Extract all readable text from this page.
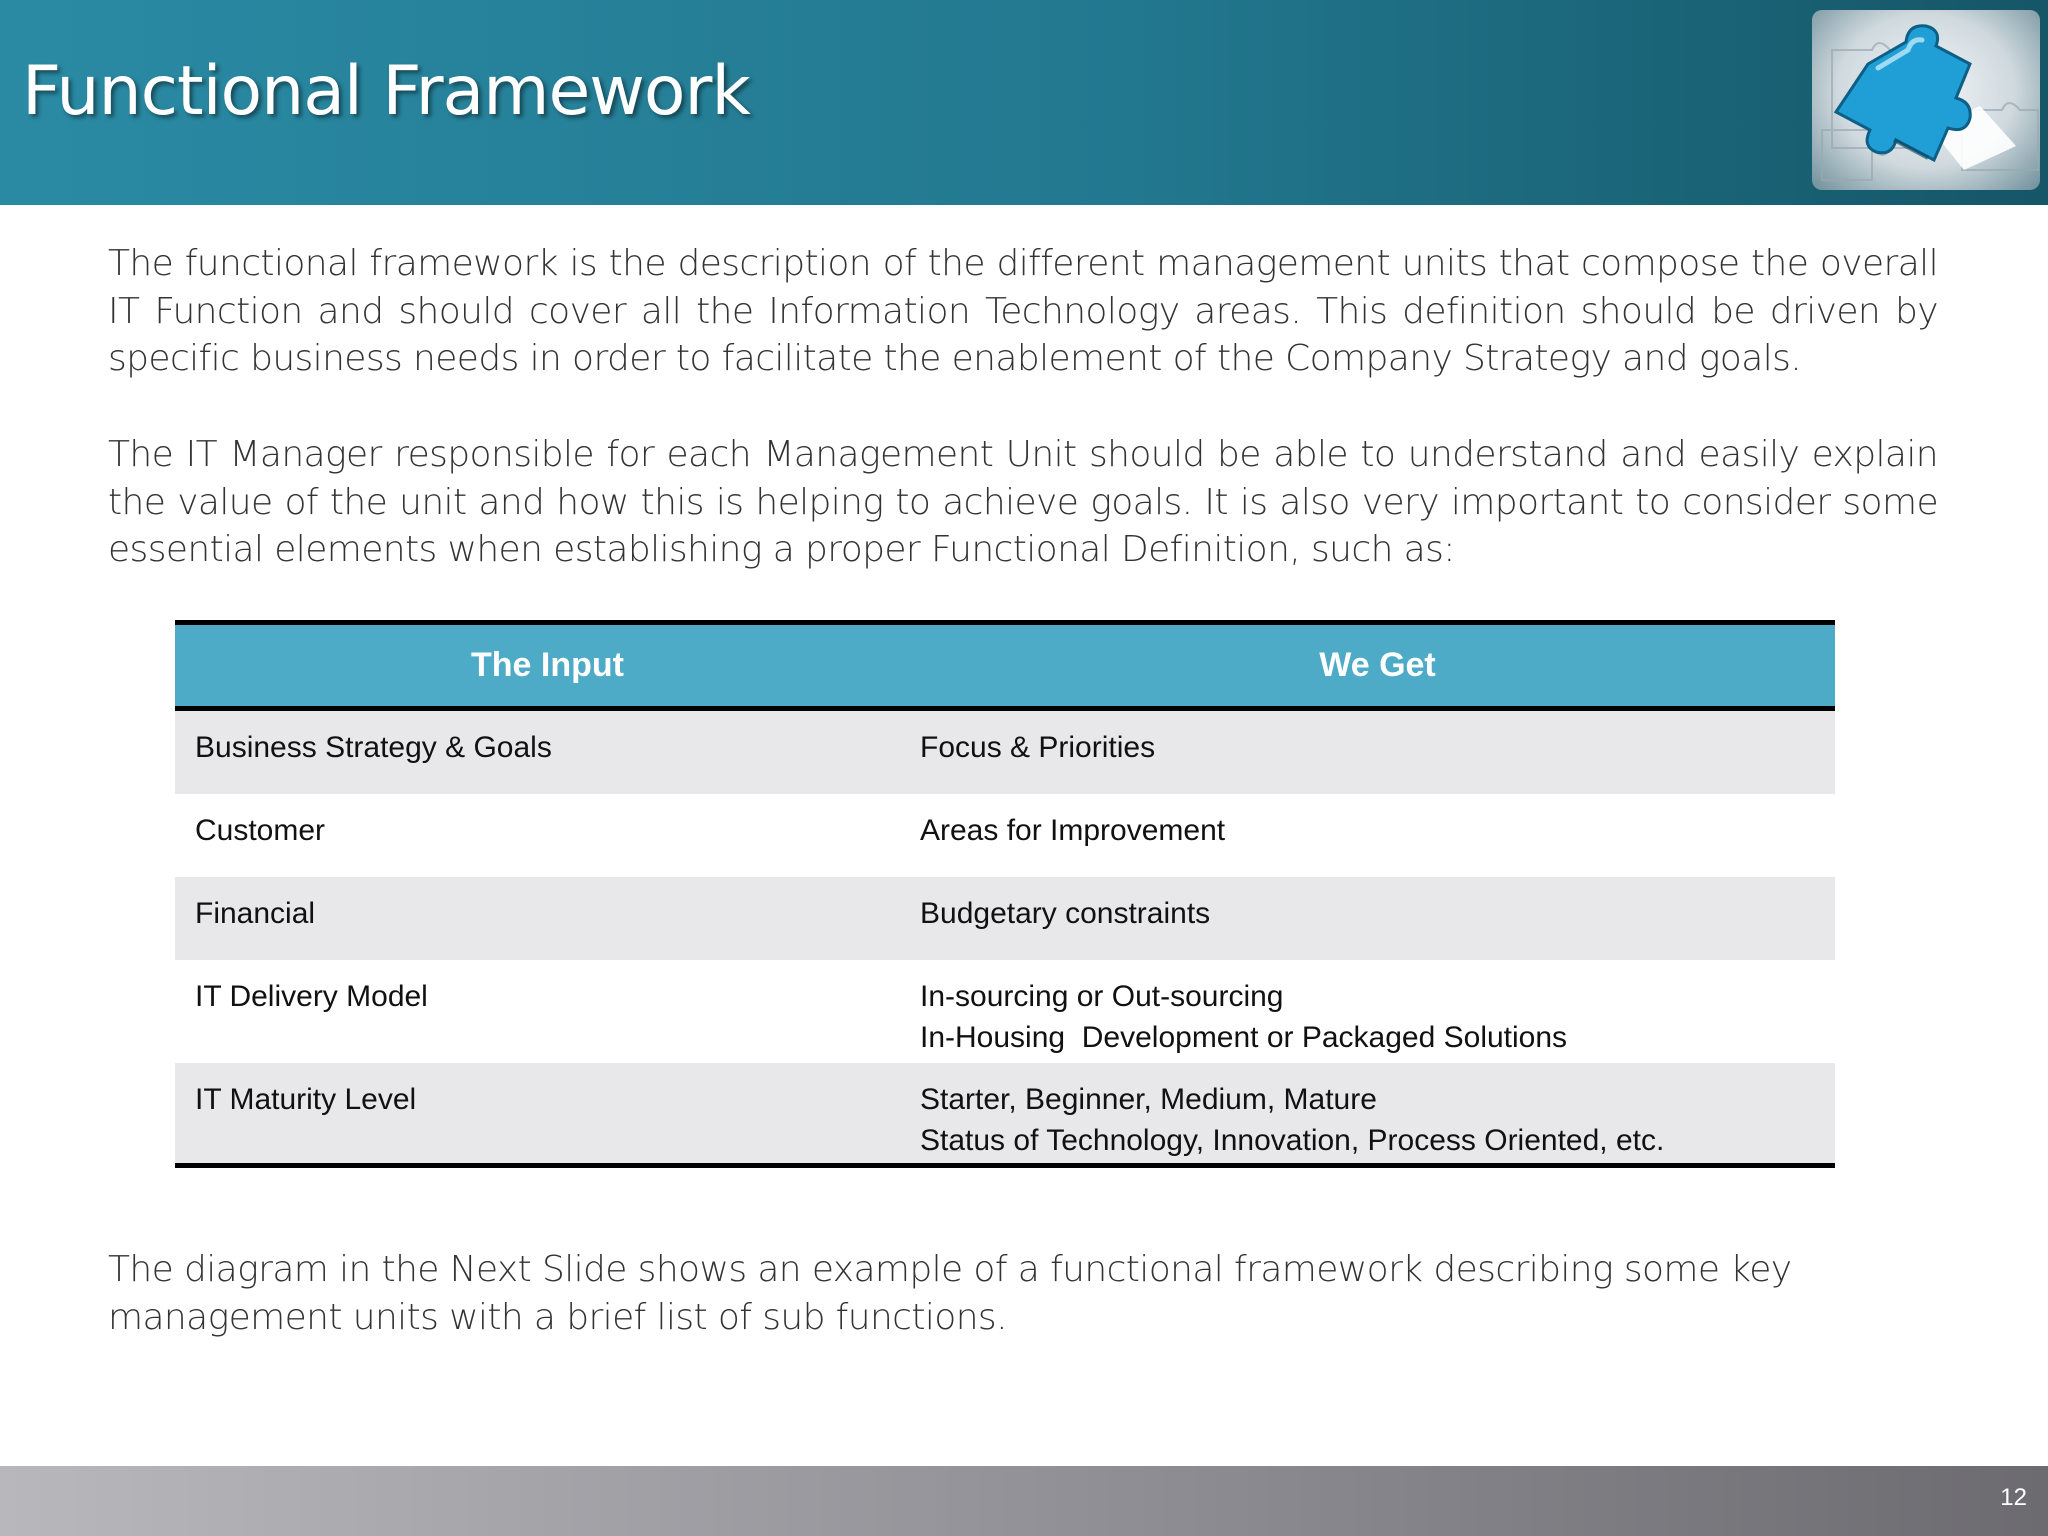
Functional Framework

The functional framework is the description of the different management units that compose the overall IT Function and should cover all the Information Technology areas. This definition should be driven by specific business needs in order to facilitate the enablement of the Company Strategy and goals.

The IT Manager responsible for each Management Unit should be able to understand and easily explain the value of the unit and how this is helping to achieve goals. It is also very important to consider some essential elements when establishing a proper Functional Definition, such as:

The Input	We Get
Business Strategy & Goals	Focus & Priorities
Customer	Areas for Improvement
Financial	Budgetary constraints
IT Delivery Model	In-sourcing or Out-sourcing
In-Housing  Development or Packaged Solutions
IT Maturity Level	Starter, Beginner, Medium, Mature
Status of Technology, Innovation, Process Oriented, etc.

The diagram in the Next Slide shows an example of a functional framework describing some key management units with a brief list of sub functions.

12
